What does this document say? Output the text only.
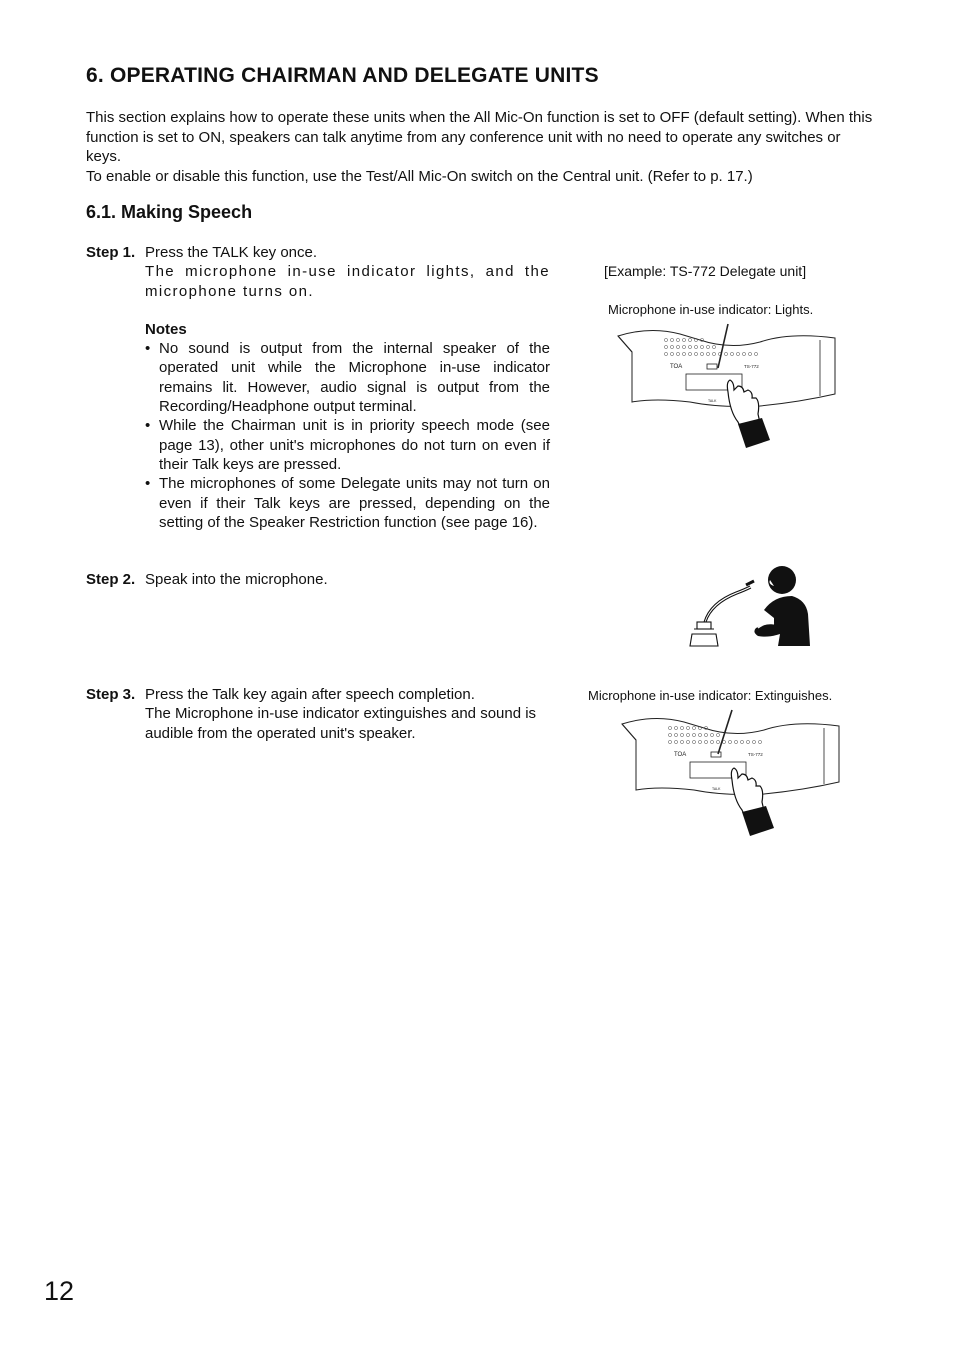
6. OPERATING CHAIRMAN AND DELEGATE UNITS

This section explains how to operate these units when the All Mic-On function is set to OFF (default setting). When this function is set to ON, speakers can talk anytime from any conference unit with no need to operate any switches or keys.

To enable or disable this function, use the Test/All Mic-On switch on the Central unit. (Refer to p. 17.)

6.1. Making Speech
Step 1. Press the TALK key once.

The microphone in-use indicator lights, and the microphone turns on.

Notes

• No sound is output from the internal speaker of the operated unit while the Microphone in-use indicator remains lit. However, audio signal is output from the Recording/Headphone output terminal.
• While the Chairman unit is in priority speech mode (see page 13), other unit's microphones do not turn on even if their Talk keys are pressed.
• The microphones of some Delegate units may not turn on even if their Talk keys are pressed, depending on the setting of the Speaker Restriction function (see page 16).
Step 2. Speak into the microphone.

Step 3. Press the Talk key again after speech completion.

The Microphone in-use indicator extinguishes and sound is audible from the operated unit's speaker.

[Example: TS-772 Delegate unit]
Microphone in-use indicator: Lights.
Microphone in-use indicator: Extinguishes.
TOA	TS-772
TALK
TOA	TS-772
TALK
12
